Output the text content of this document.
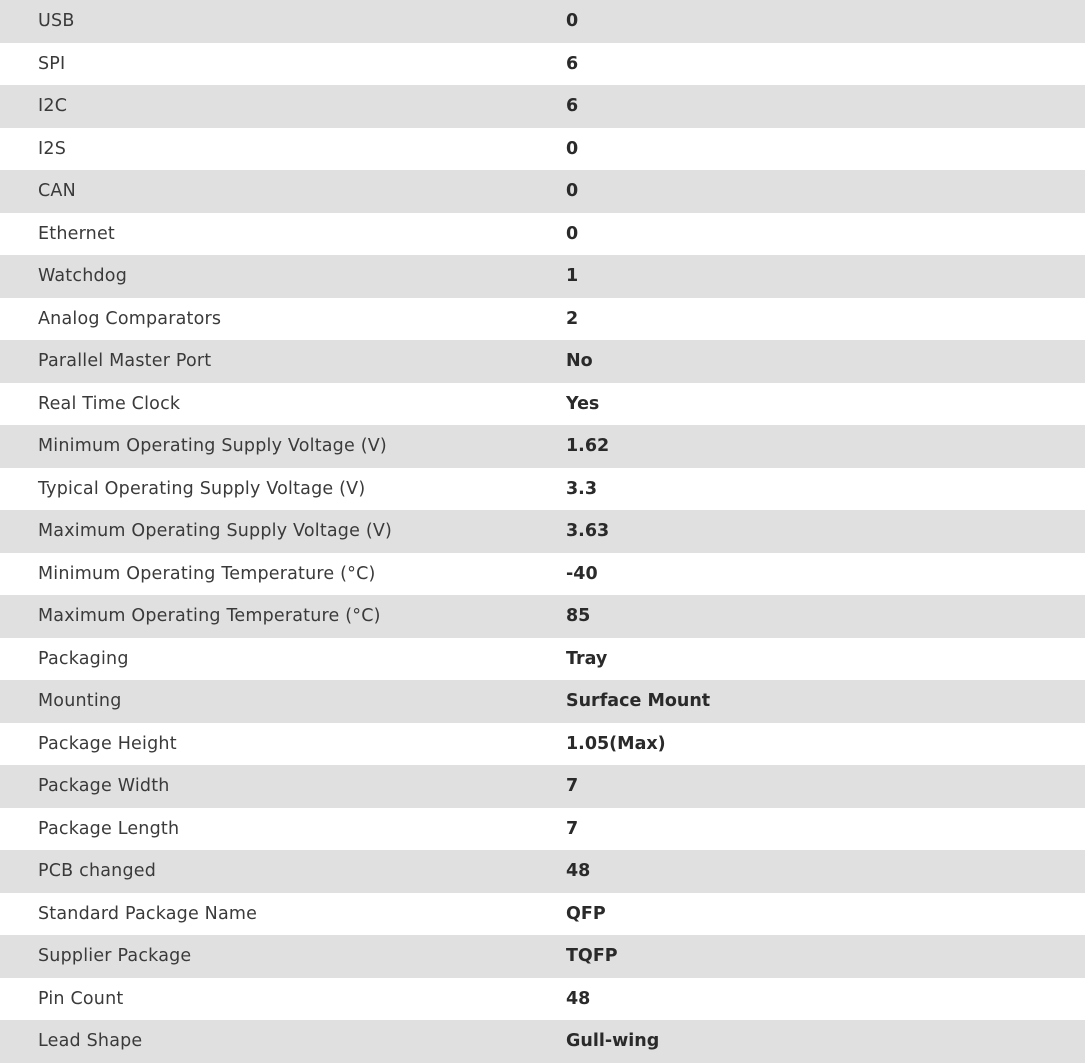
USB	0
SPI	6
I2C	6
I2S	0
CAN	0
Ethernet	0
Watchdog	1
Analog Comparators	2
Parallel Master Port	No
Real Time Clock	Yes
Minimum Operating Supply Voltage (V)	1.62
Typical Operating Supply Voltage (V)	3.3
Maximum Operating Supply Voltage (V)	3.63
Minimum Operating Temperature (°C)	-40
Maximum Operating Temperature (°C)	85
Packaging	Tray
Mounting	Surface Mount
Package Height	1.05(Max)
Package Width	7
Package Length	7
PCB changed	48
Standard Package Name	QFP
Supplier Package	TQFP
Pin Count	48
Lead Shape	Gull-wing
